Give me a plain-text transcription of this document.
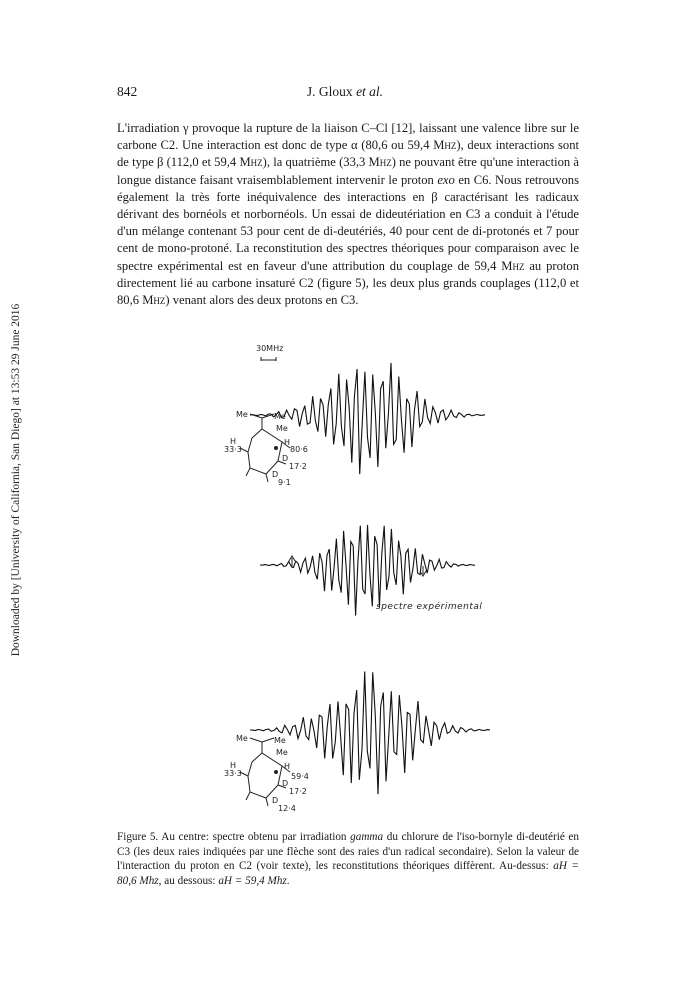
Downloaded by [University of California, San Diego] at 13:53 29 June 2016
842	J. Gloux et al.

L'irradiation γ provoque la rupture de la liaison C–Cl [12], laissant une valence libre sur le carbone C2. Une interaction est donc de type α (80,6 ou 59,4 Mhz), deux interactions sont de type β (112,0 et 59,4 Mhz), la quatrième (33,3 Mhz) ne pouvant être qu'une interaction à longue distance faisant vraisemblablement intervenir le proton exo en C6. Nous retrouvons également la très forte inéquivalence des interactions en β caractérisant les radicaux dérivant des bornéols et norbornéols. Un essai de dideutériation en C3 a conduit à l'étude d'un mélange contenant 53 pour cent de di-deutériés, 40 pour cent de di-protonés et 7 pour cent de mono-protoné. La reconstitution des spectres théoriques pour comparaison avec le spectre expérimental est en faveur d'une attribution du couplage de 59,4 Mhz au proton directement lié au carbone insaturé C2 (figure 5), les deux plus grands couplages (112,0 et 80,6 Mhz) venant alors des deux protons en C3.

30MHz
Me	Me
Me
H
33·3
H
80·6
D
17·2
D
9·1
spectre expérimental
Me	Me
Me
H
33·3
H
59·4
D
17·2
D
12·4
Figure 5. Au centre: spectre obtenu par irradiation gamma du chlorure de l'iso-bornyle di-deutérié en C3 (les deux raies indiquées par une flèche sont des raies d'un radical secondaire). Selon la valeur de l'interaction du proton en C2 (voir texte), les reconstitutions théoriques diffèrent. Au-dessus: aH = 80,6 Mhz, au dessous: aH = 59,4 Mhz.
